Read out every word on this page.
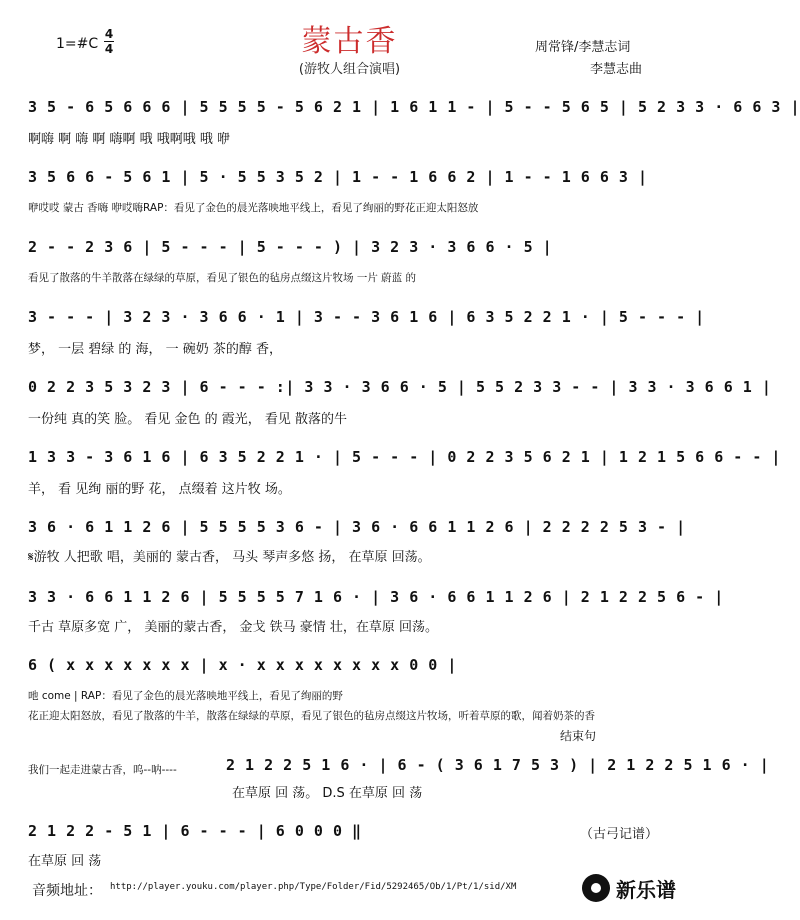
蒙古香
(游牧人组合演唱)
1=#C
4
4	周常锋/李慧志词
李慧志曲
3 5 - 6 5 6 6 6 | 5 5 5 5 - 5 6 2 1 | 1 6 1 1 - | 5 - - 5 6 5 | 5 2 3 3 · 6 6 3 |
啊嗨 啊 嗨 啊 嗨啊 哦 哦啊哦 哦 咿
3 5 6 6 - 5 6 1 | 5 · 5 5 3 5 2 | 1 - - 1 6 6 2 | 1 - - 1 6 6 3 |
咿哎哎 蒙古 香嗨 咿哎嗨RAP：看见了金色的晨光落映地平线上，看见了绚丽的野花正迎太阳怒放
2 - - 2 3 6 | 5 - - - | 5 - - - ) | 3 2 3 · 3 6 6 · 5 |
看见了散落的牛羊散落在绿绿的草原，看见了银色的毡房点缀这片牧场 一片 蔚蓝 的
3 - - - | 3 2 3 · 3 6 6 · 1 | 3 - - 3 6 1 6 | 6 3 5 2 2 1 · | 5 - - - |
梦， 一层 碧绿 的 海， 一 碗奶 茶的醇 香，
0 2 2 3 5 3 2 3 | 6 - - - :| 3 3 · 3 6 6 · 5 | 5 5 2 3 3 - - | 3 3 · 3 6 6 1 |
一份纯 真的笑 脸。 看见 金色 的 霞光， 看见 散落的牛
1 3 3 - 3 6 1 6 | 6 3 5 2 2 1 · | 5 - - - | 0 2 2 3 5 6 2 1 | 1 2 1 5 6 6 - - |
羊， 看 见绚 丽的野 花， 点缀着 这片牧 场。
3 6 · 6 1 1 2 6 | 5 5 5 5 3 6 - | 3 6 · 6 6 1 1 2 6 | 2 2 2 2 5 3 - |
𝄋游牧 人把歌 唱，美丽的 蒙古香， 马头 琴声多悠 扬， 在草原 回荡。
3 3 · 6 6 1 1 2 6 | 5 5 5 5 7 1 6 · | 3 6 · 6 6 1 1 2 6 | 2 1 2 2 5 6 - |
千古 草原多宽 广， 美丽的蒙古香， 金戈 铁马 豪情 壮，在草原 回荡。
6 ( x x x x x x x | x · x x x x x x x x 0 0 |
吔 come | RAP：看见了金色的晨光落映地平线上，看见了绚丽的野
花正迎太阳怒放，看见了散落的牛羊，散落在绿绿的草原，看见了银色的毡房点缀这片牧场，听着草原的歌，闻着奶茶的香
结束句
我们一起走进蒙古香，呜--呐----	2 1 2 2 5 1 6 · | 6 - ( 3 6 1 7 5 3 ) | 2 1 2 2 5 1 6 · |
在草原 回 荡。 D.S 在草原 回 荡
2 1 2 2 - 5 1 | 6 - - - | 6 0 0 0 ‖
在草原 回 荡
（古弓记谱）
音频地址： http://player.youku.com/player.php/Type/Folder/Fid/5292465/Ob/1/Pt/1/sid/XM	新乐谱
